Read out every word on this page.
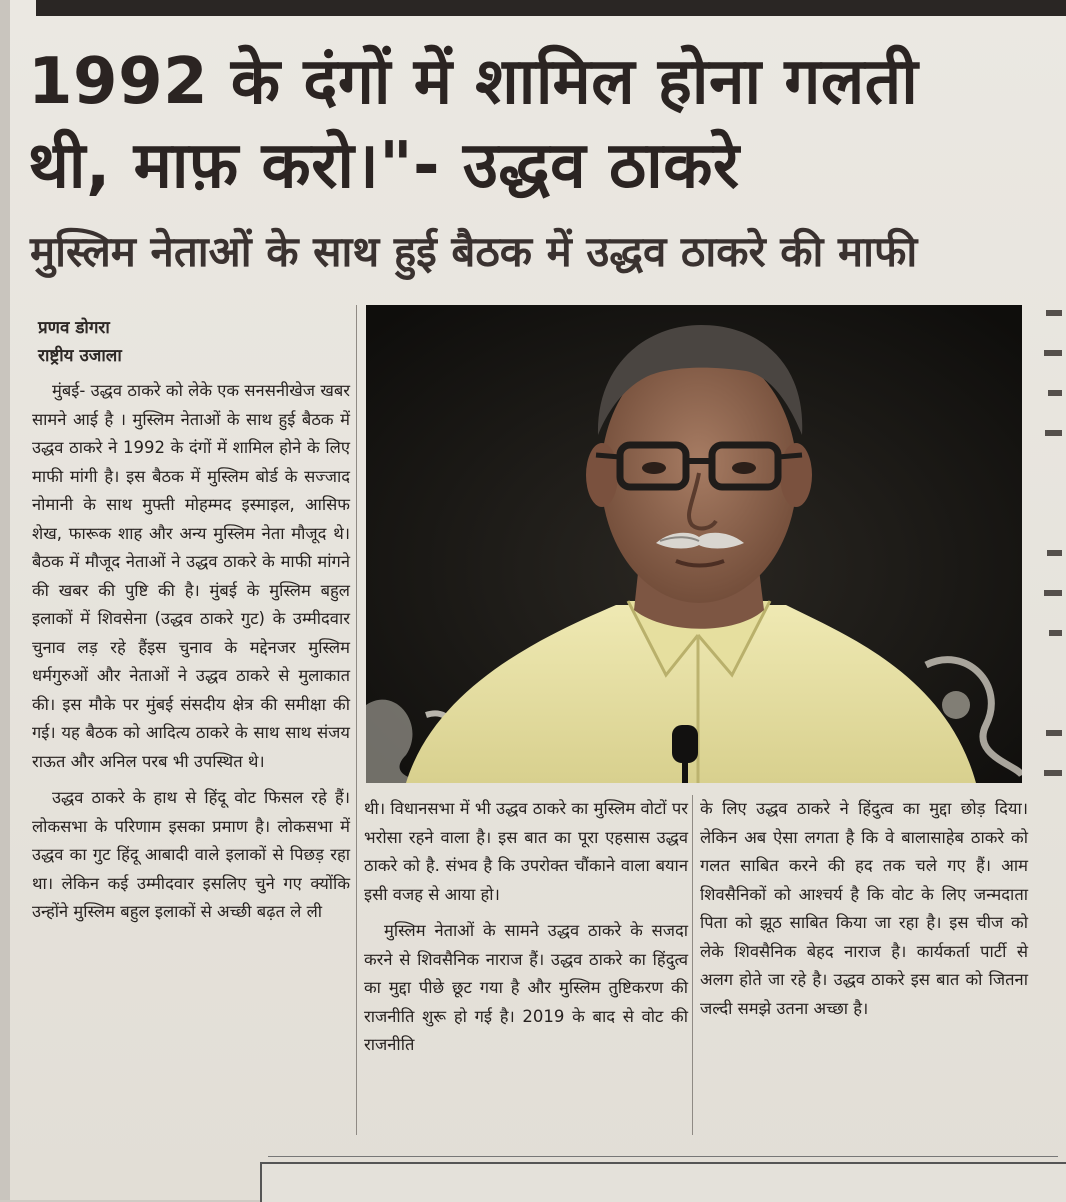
1992 के दंगों में शामिल होना गलती
थी, माफ़ करो।"- उद्धव ठाकरे
मुस्लिम नेताओं के साथ हुई बैठक में उद्धव ठाकरे की माफी
प्रणव डोगरा
राष्ट्रीय उजाला

मुंबई- उद्धव ठाकरे को लेके एक सनसनीखेज खबर सामने आई है । मुस्लिम नेताओं के साथ हुई बैठक में उद्धव ठाकरे ने 1992 के दंगों में शामिल होने के लिए माफी मांगी है। इस बैठक में मुस्लिम बोर्ड के सज्जाद नोमानी के साथ मुफ्ती मोहम्मद इस्माइल, आसिफ शेख, फारूक शाह और अन्य मुस्लिम नेता मौजूद थे। बैठक में मौजूद नेताओं ने उद्धव ठाकरे के माफी मांगने की खबर की पुष्टि की है। मुंबई के मुस्लिम बहुल इलाकों में शिवसेना (उद्धव ठाकरे गुट) के उम्मीदवार चुनाव लड़ रहे हैंइस चुनाव के मद्देनजर मुस्लिम धर्मगुरुओं और नेताओं ने उद्धव ठाकरे से मुलाकात की। इस मौके पर मुंबई संसदीय क्षेत्र की समीक्षा की गई। यह बैठक को आदित्य ठाकरे के साथ साथ संजय राऊत और अनिल परब भी उपस्थित थे।

उद्धव ठाकरे के हाथ से हिंदू वोट फिसल रहे हैं। लोकसभा के परिणाम इसका प्रमाण है। लोकसभा में उद्धव का गुट हिंदू आबादी वाले इलाकों से पिछड़ रहा था। लेकिन कई उम्मीदवार इसलिए चुने गए क्योंकि उन्होंने मुस्लिम बहुल इलाकों से अच्छी बढ़त ले ली

थी। विधानसभा में भी उद्धव ठाकरे का मुस्लिम वोटों पर भरोसा रहने वाला है। इस बात का पूरा एहसास उद्धव ठाकरे को है. संभव है कि उपरोक्त चौंकाने वाला बयान इसी वजह से आया हो।

मुस्लिम नेताओं के सामने उद्धव ठाकरे के सजदा करने से शिवसैनिक नाराज हैं। उद्धव ठाकरे का हिंदुत्व का मुद्दा पीछे छूट गया है और मुस्लिम तुष्टिकरण की राजनीति शुरू हो गई है। 2019 के बाद से वोट की राजनीति

के लिए उद्धव ठाकरे ने हिंदुत्व का मुद्दा छोड़ दिया। लेकिन अब ऐसा लगता है कि वे बालासाहेब ठाकरे को गलत साबित करने की हद तक चले गए हैं। आम शिवसैनिकों को आश्चर्य है कि वोट के लिए जन्मदाता पिता को झूठ साबित किया जा रहा है। इस चीज को लेके शिवसैनिक बेहद नाराज है। कार्यकर्ता पार्टी से अलग होते जा रहे है। उद्धव ठाकरे इस बात को जितना जल्दी समझे उतना अच्छा है।
